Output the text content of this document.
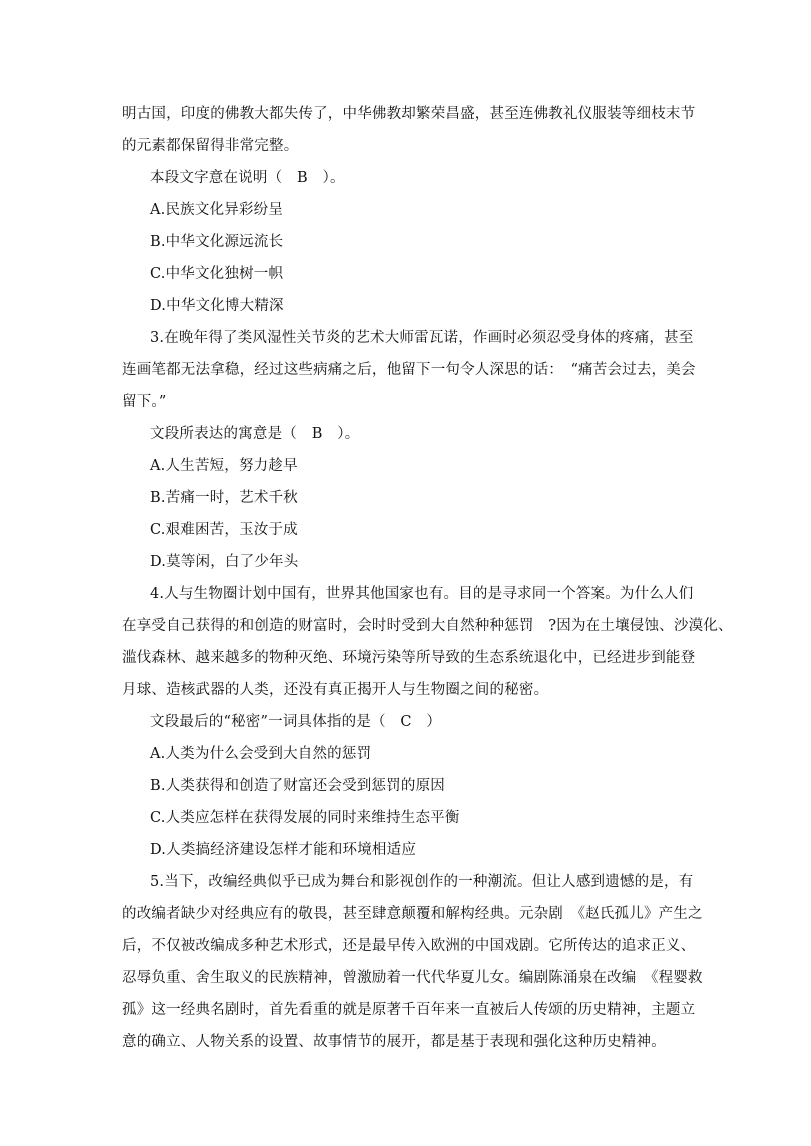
明古国，印度的佛教大都失传了，中华佛教却繁荣昌盛，甚至连佛教礼仪服装等细枝末节
的元素都保留得非常完整。
本段文字意在说明（　B　）。
A.民族文化异彩纷呈
B.中华文化源远流长
C.中华文化独树一帜
D.中华文化博大精深
3.在晚年得了类风湿性关节炎的艺术大师雷瓦诺，作画时必须忍受身体的疼痛，甚至
连画笔都无法拿稳，经过这些病痛之后，他留下一句令人深思的话：　“痛苦会过去，美会
留下。”
文段所表达的寓意是（　B　）。
A.人生苦短，努力趁早
B.苦痛一时，艺术千秋
C.艰难困苦，玉汝于成
D.莫等闲，白了少年头
4.人与生物圈计划中国有，世界其他国家也有。目的是寻求同一个答案。为什么人们
在享受自己获得的和创造的财富时，会时时受到大自然种种惩罚　?因为在土壤侵蚀、沙漠化、
滥伐森林、越来越多的物种灭绝、环境污染等所导致的生态系统退化中，已经进步到能登
月球、造核武器的人类，还没有真正揭开人与生物圈之间的秘密。
文段最后的“秘密”一词具体指的是（　C　）
A.人类为什么会受到大自然的惩罚
B.人类获得和创造了财富还会受到惩罚的原因
C.人类应怎样在获得发展的同时来维持生态平衡
D.人类搞经济建设怎样才能和环境相适应
5.当下，改编经典似乎已成为舞台和影视创作的一种潮流。但让人感到遗憾的是，有
的改编者缺少对经典应有的敬畏，甚至肆意颠覆和解构经典。元杂剧　《赵氏孤儿》产生之
后，不仅被改编成多种艺术形式，还是最早传入欧洲的中国戏剧。它所传达的追求正义、
忍辱负重、舍生取义的民族精神，曾激励着一代代华夏儿女。编剧陈涌泉在改编　《程婴救
孤》这一经典名剧时，首先看重的就是原著千百年来一直被后人传颂的历史精神，主题立
意的确立、人物关系的设置、故事情节的展开，都是基于表现和强化这种历史精神。
